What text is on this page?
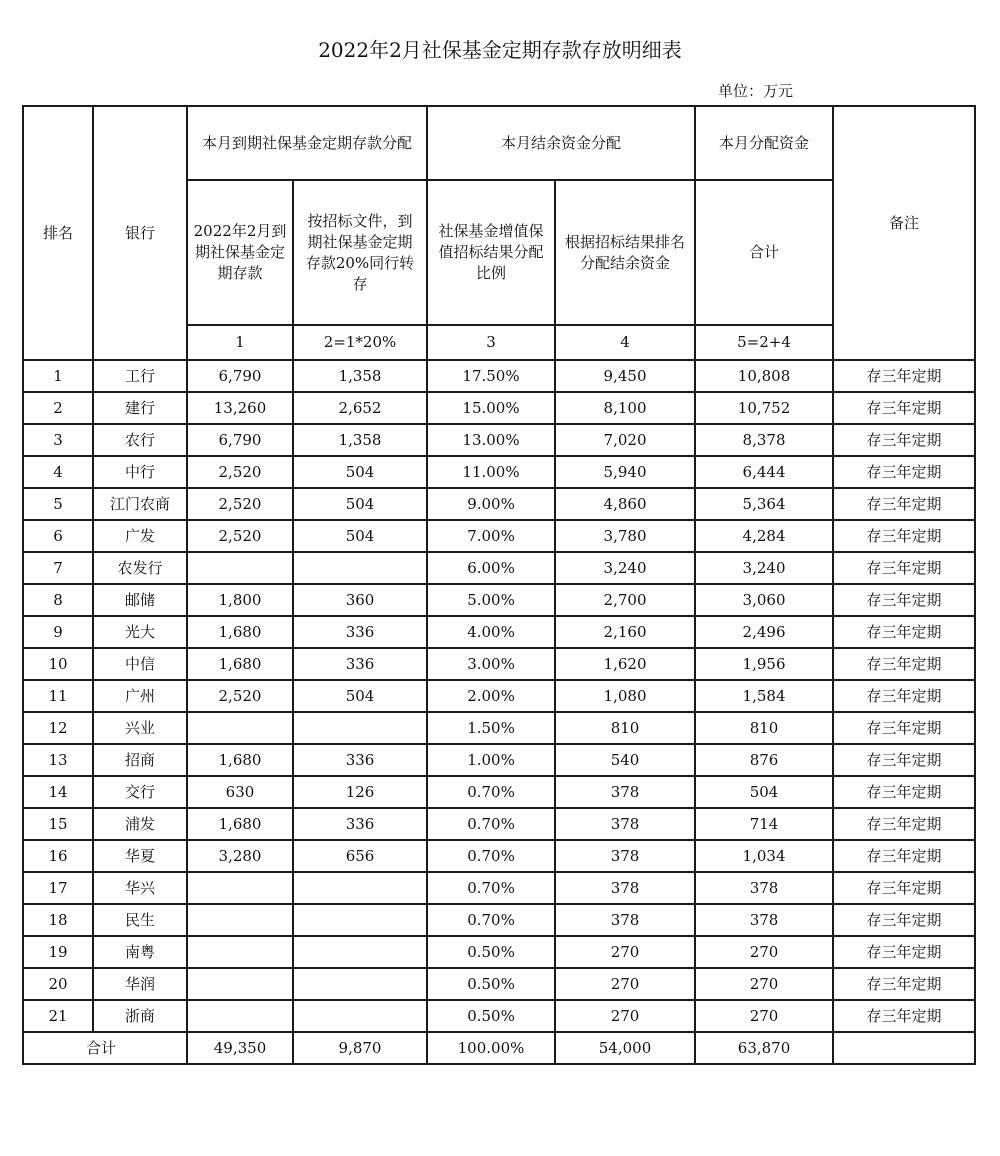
2022年2月社保基金定期存款存放明细表
单位：万元
排名	银行	本月到期社保基金定期存款分配		本月结余资金分配		本月分配资金	备注
		2022年2月到期社保基金定期存款	按招标文件，到期社保基金定期存款20%同行转存	社保基金增值保值招标结果分配比例	根据招标结果排名分配结余资金	合计	
		1	2=1*20%	3	4	5=2+4	
1	工行	6,790	1,358	17.50%	9,450	10,808	存三年定期
2	建行	13,260	2,652	15.00%	8,100	10,752	存三年定期
3	农行	6,790	1,358	13.00%	7,020	8,378	存三年定期
4	中行	2,520	504	11.00%	5,940	6,444	存三年定期
5	江门农商	2,520	504	9.00%	4,860	5,364	存三年定期
6	广发	2,520	504	7.00%	3,780	4,284	存三年定期
7	农发行			6.00%	3,240	3,240	存三年定期
8	邮储	1,800	360	5.00%	2,700	3,060	存三年定期
9	光大	1,680	336	4.00%	2,160	2,496	存三年定期
10	中信	1,680	336	3.00%	1,620	1,956	存三年定期
11	广州	2,520	504	2.00%	1,080	1,584	存三年定期
12	兴业			1.50%	810	810	存三年定期
13	招商	1,680	336	1.00%	540	876	存三年定期
14	交行	630	126	0.70%	378	504	存三年定期
15	浦发	1,680	336	0.70%	378	714	存三年定期
16	华夏	3,280	656	0.70%	378	1,034	存三年定期
17	华兴			0.70%	378	378	存三年定期
18	民生			0.70%	378	378	存三年定期
19	南粤			0.50%	270	270	存三年定期
20	华润			0.50%	270	270	存三年定期
21	浙商			0.50%	270	270	存三年定期
合计		49,350	9,870	100.00%	54,000	63,870	
